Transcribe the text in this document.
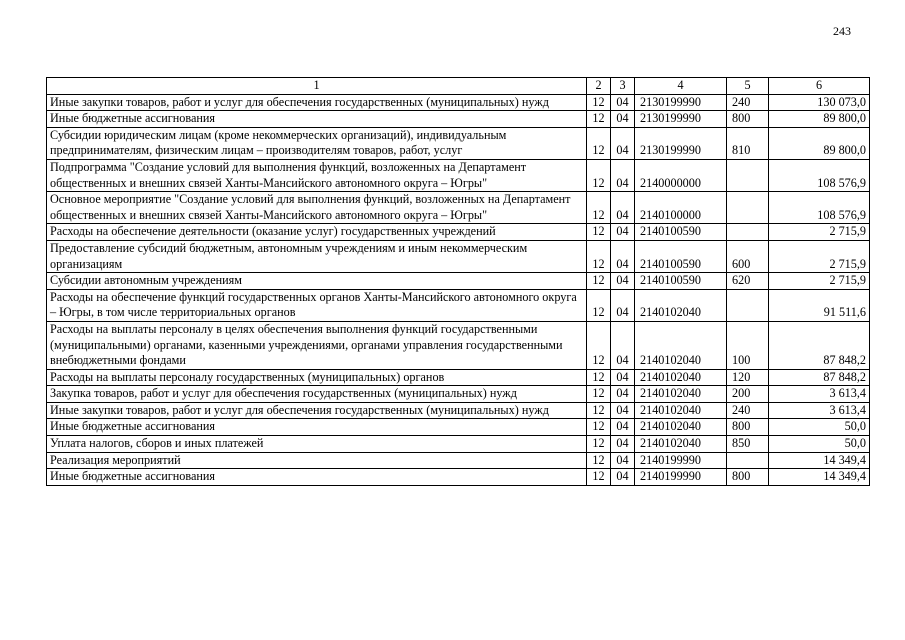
243
1	2	3	4	5	6
Иные закупки товаров, работ и услуг для обеспечения государственных (муниципальных) нужд	12	04	2130199990	240	130 073,0
Иные бюджетные ассигнования	12	04	2130199990	800	89 800,0
Субсидии юридическим лицам (кроме некоммерческих организаций), индивидуальным предпринимателям, физическим лицам – производителям товаров, работ, услуг	12	04	2130199990	810	89 800,0
Подпрограмма "Создание условий для выполнения функций, возложенных на Департамент общественных и внешних связей Ханты-Мансийского автономного округа – Югры"	12	04	2140000000		108 576,9
Основное мероприятие "Создание условий для выполнения функций, возложенных на Департамент общественных и внешних связей Ханты-Мансийского автономного округа – Югры"	12	04	2140100000		108 576,9
Расходы на обеспечение деятельности (оказание услуг) государственных учреждений	12	04	2140100590		2 715,9
Предоставление субсидий бюджетным, автономным учреждениям и иным некоммерческим организациям	12	04	2140100590	600	2 715,9
Субсидии автономным учреждениям	12	04	2140100590	620	2 715,9
Расходы на обеспечение функций государственных органов Ханты-Мансийского автономного округа – Югры, в том числе территориальных органов	12	04	2140102040		91 511,6
Расходы на выплаты персоналу в целях обеспечения выполнения функций государственными (муниципальными) органами, казенными учреждениями, органами управления государственными внебюджетными фондами	12	04	2140102040	100	87 848,2
Расходы на выплаты персоналу государственных (муниципальных) органов	12	04	2140102040	120	87 848,2
Закупка товаров, работ и услуг для обеспечения государственных (муниципальных) нужд	12	04	2140102040	200	3 613,4
Иные закупки товаров, работ и услуг для обеспечения государственных (муниципальных) нужд	12	04	2140102040	240	3 613,4
Иные бюджетные ассигнования	12	04	2140102040	800	50,0
Уплата налогов, сборов и иных платежей	12	04	2140102040	850	50,0
Реализация мероприятий	12	04	2140199990		14 349,4
Иные бюджетные ассигнования	12	04	2140199990	800	14 349,4
